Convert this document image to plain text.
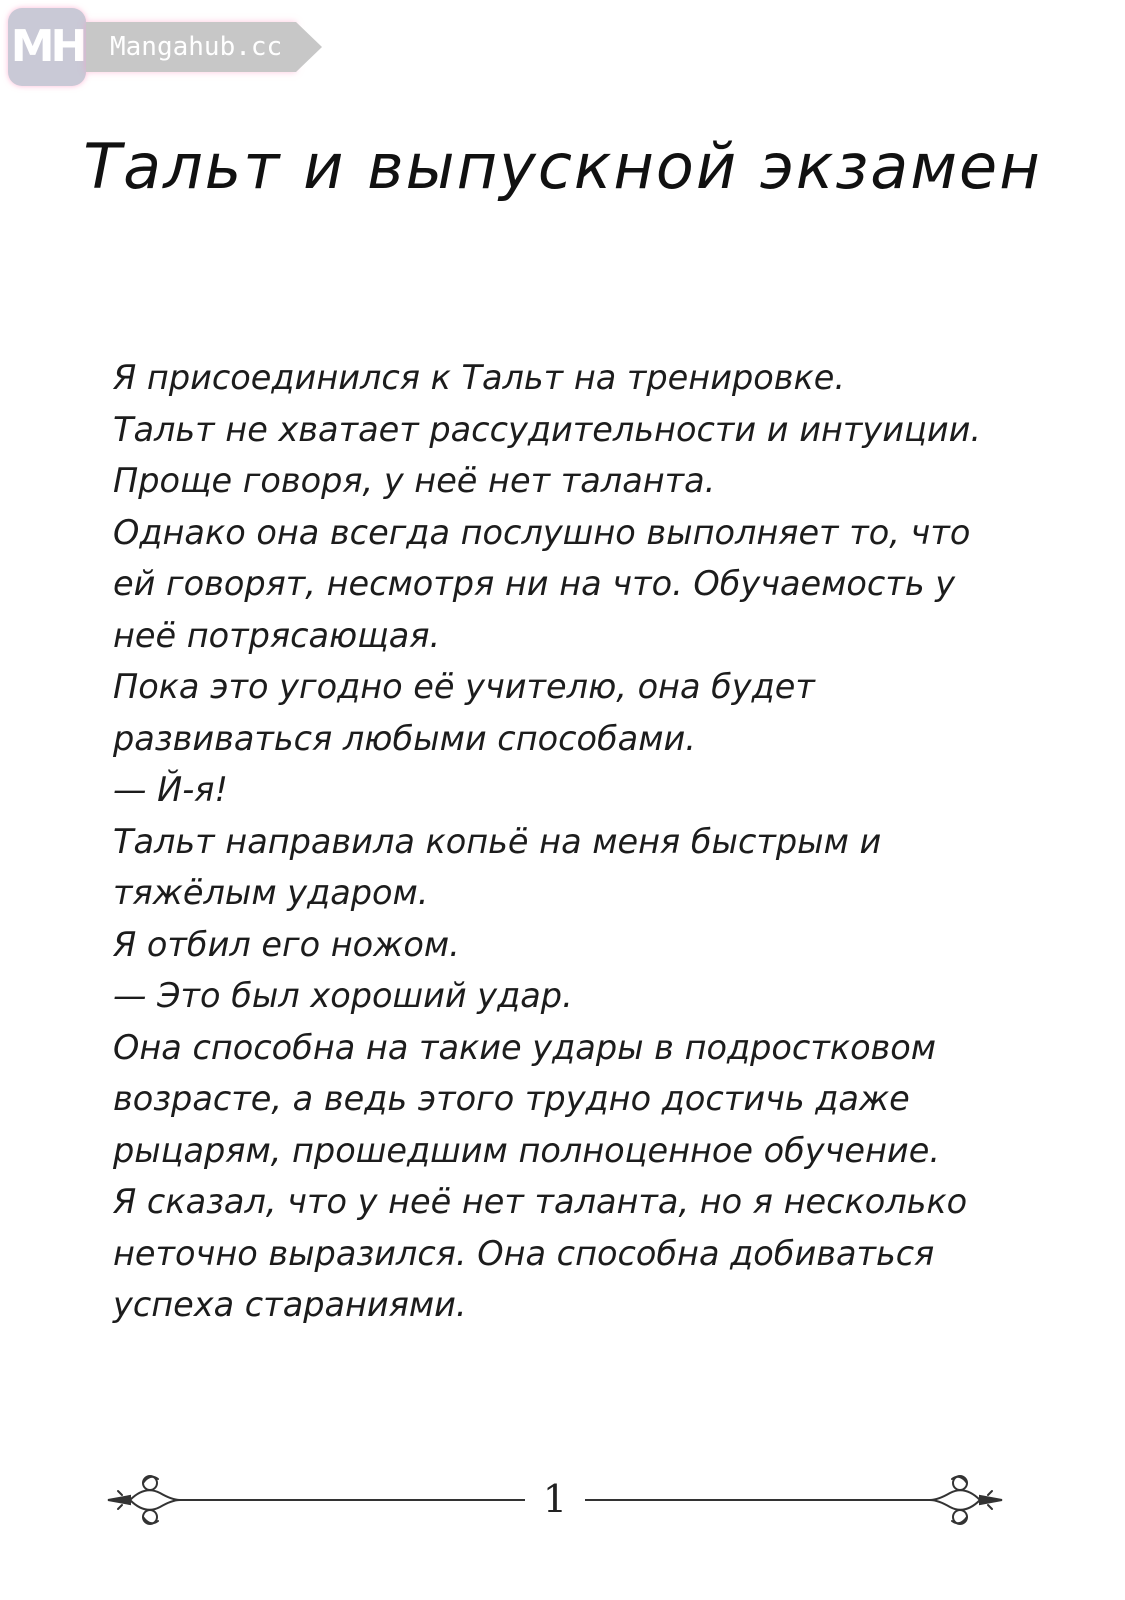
MH	Mangahub.cc
Тальт и выпускной экзамен

Я присоединился к Тальт на тренировке.

Тальт не хватает рассудительности и интуиции.

Проще говоря, у неё нет таланта.

Однако она всегда послушно выполняет то, что

ей говорят, несмотря ни на что. Обучаемость у

неё потрясающая.

Пока это угодно её учителю, она будет

развиваться любыми способами.

— Й-я!

Тальт направила копьё на меня быстрым и

тяжёлым ударом.

Я отбил его ножом.

— Это был хороший удар.

Она способна на такие удары в подростковом

возрасте, а ведь этого трудно достичь даже

рыцарям, прошедшим полноценное обучение.

Я сказал, что у неё нет таланта, но я несколько

неточно выразился. Она способна добиваться

успеха стараниями.

1
